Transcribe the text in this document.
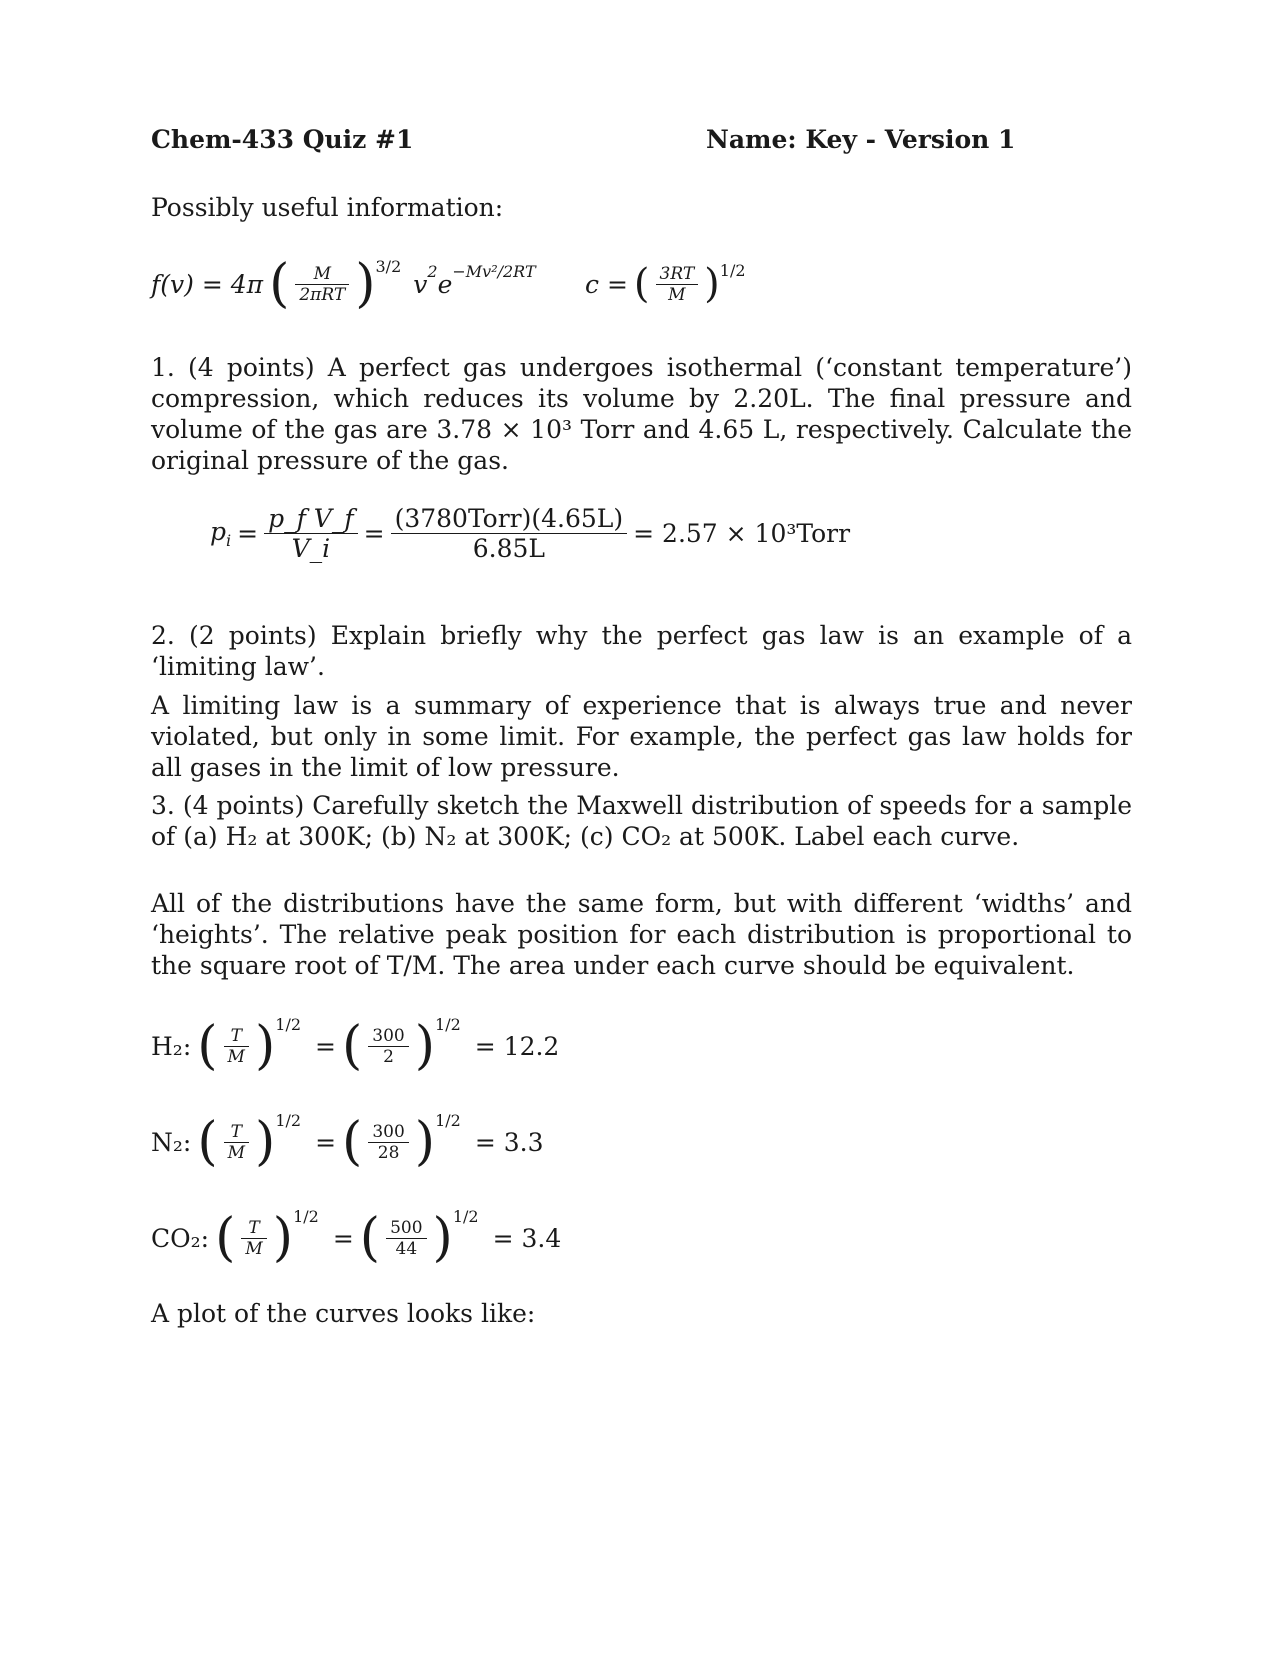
Chem-433 Quiz #1	Name: Key - Version 1
Possibly useful information:
f(v) = 4π ( $\frac{M}{\text{2πRT}}$ ) 3/2
$v^2e^{-Mv^2/2RT}$ c = ( $\frac{3RT}{M}$ ) 1/2
1. (4 points) A perfect gas undergoes isothermal (‘constant temperature’) compression, which reduces its volume by 2.20L. The final pressure and volume of the gas are 3.78 × 10³ Torr and 4.65 L, respectively. Calculate the original pressure of the gas.
$p_i = \frac{\text{p\_f V\_f}}{V\_i} = \frac{\text{(3780Torr)(4.65L)}}{6.85L} = 2.57$ × 10³Torr
2. (2 points) Explain briefly why the perfect gas law is an example of a ‘limiting law’.
A limiting law is a summary of experience that is always true and never violated, but only in some limit. For example, the perfect gas law holds for all gases in the limit of low pressure.
3. (4 points) Carefully sketch the Maxwell distribution of speeds for a sample of (a) H₂ at 300K; (b) N₂ at 300K; (c) CO₂ at 500K. Label each curve.
All of the distributions have the same form, but with different ‘widths’ and ‘heights’. The relative peak position for each distribution is proportional to the square root of T/M. The area under each curve should be equivalent.
H₂: ( $\frac{T}{M}$ ) 1/2
= ( $\frac{300}{2}$ ) 1/2
= 12.2
N₂: ( $\frac{T}{M}$ ) 1/2
= ( $\frac{300}{28}$ ) 1/2
= 3.3
CO₂: ( $\frac{T}{M}$ ) 1/2
= ( $\frac{500}{44}$ ) 1/2
= 3.4
A plot of the curves looks like:
